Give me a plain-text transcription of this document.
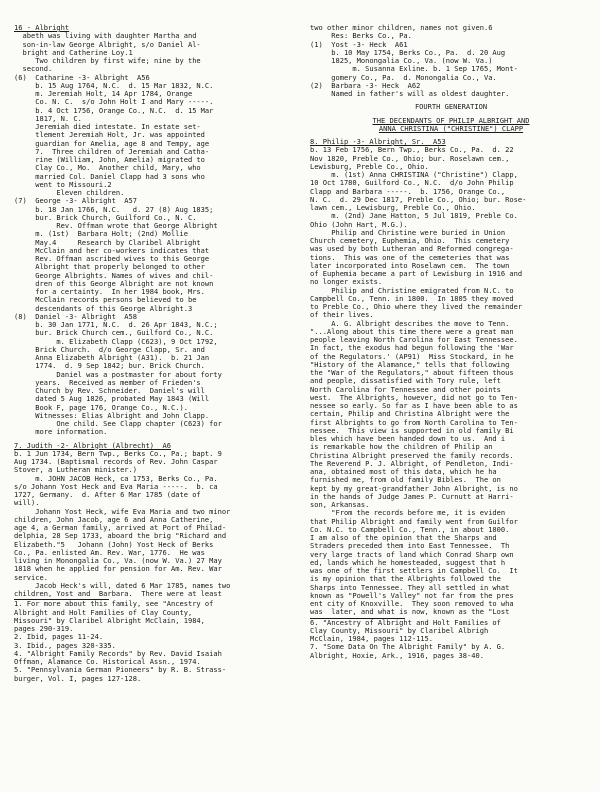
16 - Albright
abeth was living with daughter Martha and
son-in-law George Albright, s/o Daniel Al-
bright and Catherine Loy.1
Two children by first wife; nine by the
second.
(6)  Catharine -3- Albright  A56
b. 15 Aug 1764, N.C.  d. 15 Mar 1832, N.C.
m. Jeremiah Holt, 14 Apr 1784, Orange
Co. N. C.  s/o John Holt I and Mary -----.
b. 4 Oct 1756, Orange Co., N.C.  d. 15 Mar
1817, N. C.
Jeremiah died intestate. In estate set-
tlement Jeremiah Holt, Jr. was appointed
guardian for Amelia, age 8 and Tempy, age
7.  Three children of Jeremiah and Catha-
rine (William, John, Amelia) migrated to
Clay Co., Mo.  Another child, Mary, who
married Col. Daniel Clapp had 3 sons who
went to Missouri.2
Eleven children.
(7)  George -3- Albright  A57
b. 18 Jan 1766, N.C.   d. 27 (8) Aug 1835;
bur. Brick Church, Guilford Co., N. C.
Rev. Offman wrote that George Albright
m. (1st)  Barbara Holt; (2nd) Mollie
May.4     Research by Claribel Albright
McClain and her co-workers indicates that
Rev. Offman ascribed wives to this George
Albright that properly belonged to other
George Albrights. Names of wives and chil-
dren of this George Albright are not known
for a certainty.  In her 1984 book, Mrs.
McClain records persons believed to be
descendants of this George Albright.3
(8)  Daniel -3- Albright  A58
b. 30 Jan 1771, N.C.  d. 26 Apr 1843, N.C.;
bur. Brick Church cem., Guilford Co., N.C.
m. Elizabeth Clapp (C623), 9 Oct 1792,
Brick Church.  d/o George Clapp, Sr. and
Anna Elizabeth Albright (A31).  b. 21 Jan
1774.  d. 9 Sep 1842; bur. Brick Church.
Daniel was a postmaster for about forty
years.  Received as member of Frieden's
Church by Rev. Schneider.  Daniel's will
dated 5 Aug 1826, probated May 1843 (Will
Book F, page 176, Orange Co., N.C.).
Witnesses: Elias Albright and John Clapp.
One child. See Clapp chapter (C623) for
more information.
7. Judith -2- Albright (Albrecht)  A6
b. 1 Jun 1734, Bern Twp., Berks Co., Pa.; bapt. 9
Aug 1734. (Baptismal records of Rev. John Caspar
Stover, a Lutheran minister.)
m. JOHN JACOB Heck, ca 1753, Berks Co., Pa.
s/o Johann Yost Heck and Eva Maria -----.  b. ca
1727, Germany.  d. After 6 Mar 1785 (date of
will).
Johann Yost Heck, wife Eva Maria and two minor
children, John Jacob, age 6 and Anna Catherine,
age 4, a German family, arrived at Port of Philad-
delphia, 28 Sep 1733, aboard the brig "Richard and
Elizabeth."5   Johann (John) Yost Heck of Berks
Co., Pa. enlisted Am. Rev. War, 1776.  He was
living in Monongalia Co., Va. (now W. Va.) 27 May
1818 when he applied for pension for Am. Rev. War
service.
Jacob Heck's will, dated 6 Mar 1785, names two
children, Yost and  Barbara.  There were at least
1. For more about this family, see "Ancestry of
Albright and Holt Families of Clay County,
Missouri" by Claribel Albright McClain, 1984,
pages 290-319.
2. Ibid, pages 11-24.
3. Ibid., pages 320-335.
4. "Albright Family Records" by Rev. David Isaiah
Offman, Alamance Co. Historical Assn., 1974.
5. "Pennsylvania German Pioneers" by R. B. Strass-
burger, Vol. I, pages 127-128.
two other minor children, names not given.6
Res: Berks Co., Pa.
(1)  Yost -3- Heck  A61
b. 10 May 1754, Berks Co., Pa.  d. 20 Aug
1825, Monongalia Co., Va. (now W. Va.)
m. Susanna Exline. b. 1 Sep 1765, Mont-
gomery Co., Pa.  d. Monongalia Co., Va.
(2)  Barbara -3- Heck  A62
Named in father's will as oldest daughter.
FOURTH GENERATION
THE DECENDANTS OF PHILIP ALBRIGHT AND
ANNA CHRISTINA ("CHRISTINE") CLAPP
8. Philip -3- Albright, Sr.  A53
b. 13 Feb 1756, Bern Twp., Berks Co., Pa.  d. 22
Nov 1820, Preble Co., Ohio; bur. Roselawn cem.,
Lewisburg, Preble Co., Ohio.
m. (1st) Anna CHRISTINA ("Christine") Clapp,
10 Oct 1780, Guilford Co., N.C.  d/o John Philip
Clapp and Barbara -----.  b. 1756, Orange Co.,
N. C.  d. 29 Dec 1817, Preble Co., Ohio; bur. Rose-
lawn cem., Lewisburg, Preble Co., Ohio.
m. (2nd) Jane Hatton, 5 Jul 1819, Preble Co.
Ohio (John Hart, M.G.).
Philip and Christine were buried in Union
Church cemetery, Euphemia, Ohio.  This cemetery
was used by both Lutheran and Reformed congrega-
tions.  This was one of the cemeteries that was
later incorporated into Roselawn cem.  The town
of Euphemia became a part of Lewisburg in 1916 and
no longer exists.
Philip and Christine emigrated from N.C. to
Campbell Co., Tenn. in 1800.  In 1805 they moved
to Preble Co., Ohio where they lived the remainder
of their lives.
A. G. Albright describes the move to Tenn.
"...Along about this time there were a great man
people leaving North Carolina for East Tennessee.
In fact, the exodus had begun following the 'War
of the Regulators.' (AP91)  Miss Stockard, in he
"History of the Alamance," tells that following
the "War of the Regulators," about fifteen thous
and people, dissatisfied with Tory rule, left
North Carolina for Tennessee and other points
west.  The Albrights, however, did not go to Ten-
nessee so early. So far as I have been able to as
certain, Philip and Christina Albright were the
first Albrights to go from North Carolina to Ten-
nessee.  This view is supported in old family Bi
bles which have been handed down to us.  And i
is remarkable how the children of Philip an
Christina Albright preserved the family records.
The Reverend P. J. Albright, of Pendleton, Indi-
ana, obtained most of this data, which he ha
furnished me, from old family Bibles.  The on
kept by my great-grandfather John Albright, is no
in the hands of Judge James P. Curnutt at Harri-
son, Arkansas.
"From the records before me, it is eviden
that Philip Albright and family went from Guilfor
Co. N.C. to Campbell Co., Tenn., in about 1800.
I am also of the opinion that the Sharps and
Straders preceded them into East Tennessee.  Th
very large tracts of land which Conrad Sharp own
ed, lands which he homesteaded, suggest that h
was one of the first settlers in Campbell Co.  It
is my opinion that the Albrights followed the
Sharps into Tennessee. They all settled in what
known as "Powell's Valley" not far from the pres
ent city of Knoxville.  They soon removed to wha
was  later, and what is now, known as the "Lost
6. "Ancestry of Albright and Holt Families of
Clay County, Missouri" by Claribel Albrigh
McClain, 1984, pages 112-115.
7. "Some Data On The Albright Family" by A. G.
Albright, Hoxie, Ark., 1916, pages 38-40.
